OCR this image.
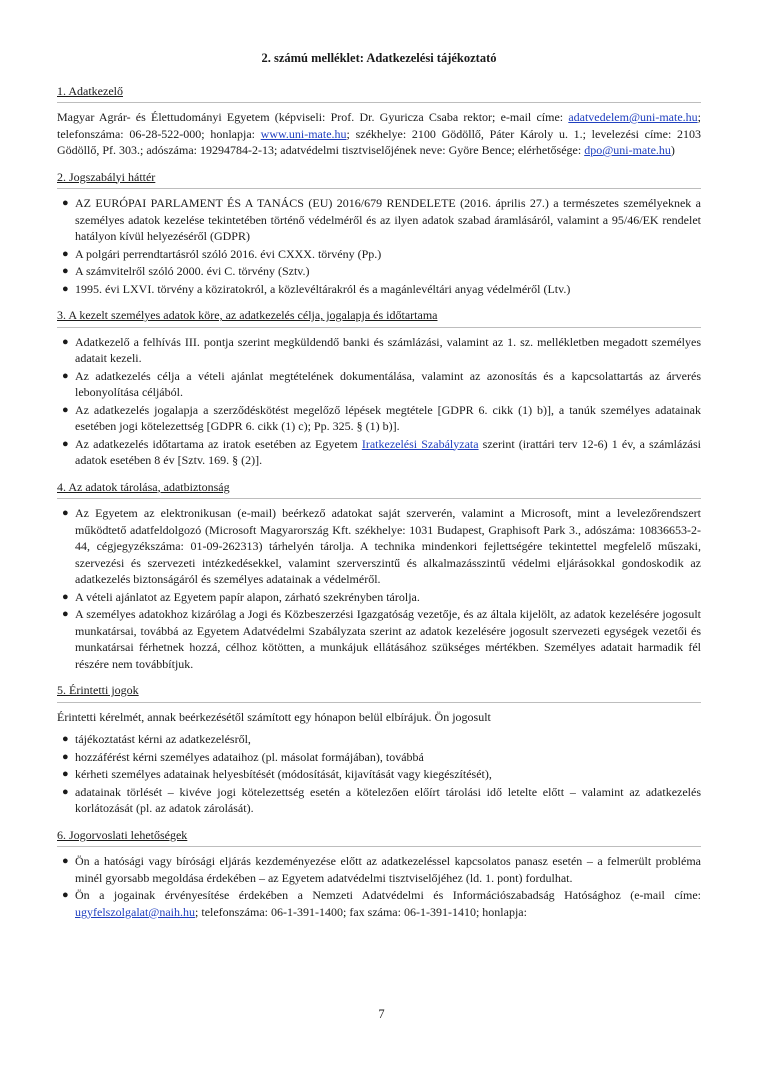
2. számú melléklet: Adatkezelési tájékoztató
1. Adatkezelő

Magyar Agrár- és Élettudományi Egyetem (képviseli: Prof. Dr. Gyuricza Csaba rektor; e-mail címe: adatvedelem@uni-mate.hu; telefonszáma: 06-28-522-000; honlapja: www.uni-mate.hu; székhelye: 2100 Gödöllő, Páter Károly u. 1.; levelezési címe: 2103 Gödöllő, Pf. 303.; adószáma: 19294784-2-13; adatvédelmi tisztviselőjének neve: Györe Bence; elérhetősége: dpo@uni-mate.hu)

2. Jogszabályi háttér
● AZ EURÓPAI PARLAMENT ÉS A TANÁCS (EU) 2016/679 RENDELETE (2016. április 27.) a természetes személyeknek a személyes adatok kezelése tekintetében történő védelméről és az ilyen adatok szabad áramlásáról, valamint a 95/46/EK rendelet hatályon kívül helyezéséről (GDPR)
● A polgári perrendtartásról szóló 2016. évi CXXX. törvény (Pp.)
● A számvitelről szóló 2000. évi C. törvény (Sztv.)
● 1995. évi LXVI. törvény a köziratokról, a közlevéltárakról és a magánlevéltári anyag védelméről (Ltv.)
3. A kezelt személyes adatok köre, az adatkezelés célja, jogalapja és időtartama
● Adatkezelő a felhívás III. pontja szerint megküldendő banki és számlázási, valamint az 1. sz. mellékletben megadott személyes adatait kezeli.
● Az adatkezelés célja a vételi ajánlat megtételének dokumentálása, valamint az azonosítás és a kapcsolattartás az árverés lebonyolítása céljából.
● Az adatkezelés jogalapja a szerződéskötést megelőző lépések megtétele [GDPR 6. cikk (1) b)], a tanúk személyes adatainak esetében jogi kötelezettség [GDPR 6. cikk (1) c); Pp. 325. § (1) b)].
● Az adatkezelés időtartama az iratok esetében az Egyetem Iratkezelési Szabályzata szerint (irattári terv 12-6) 1 év, a számlázási adatok esetében 8 év [Sztv. 169. § (2)].
4. Az adatok tárolása, adatbiztonság
● Az Egyetem az elektronikusan (e-mail) beérkező adatokat saját szerverén, valamint a Microsoft, mint a levelezőrendszert működtető adatfeldolgozó (Microsoft Magyarország Kft. székhelye: 1031 Budapest, Graphisoft Park 3., adószáma: 10836653-2-44, cégjegyzékszáma: 01-09-262313) tárhelyén tárolja. A technika mindenkori fejlettségére tekintettel megfelelő műszaki, szervezési és szervezeti intézkedésekkel, valamint szerverszintű és alkalmazásszintű védelmi eljárásokkal gondoskodik az adatkezelés biztonságáról és személyes adatainak a védelméről.
● A vételi ajánlatot az Egyetem papír alapon, zárható szekrényben tárolja.
● A személyes adatokhoz kizárólag a Jogi és Közbeszerzési Igazgatóság vezetője, és az általa kijelölt, az adatok kezelésére jogosult munkatársai, továbbá az Egyetem Adatvédelmi Szabályzata szerint az adatok kezelésére jogosult szervezeti egységek vezetői és munkatársai férhetnek hozzá, célhoz kötötten, a munkájuk ellátásához szükséges mértékben. Személyes adatait harmadik fél részére nem továbbítjuk.
5. Érintetti jogok

Érintetti kérelmét, annak beérkezésétől számított egy hónapon belül elbírájuk. Ön jogosult

● tájékoztatást kérni az adatkezelésről,
● hozzáférést kérni személyes adataihoz (pl. másolat formájában), továbbá
● kérheti személyes adatainak helyesbítését (módosítását, kijavítását vagy kiegészítését),
● adatainak törlését – kivéve jogi kötelezettség esetén a kötelezően előírt tárolási idő letelte előtt – valamint az adatkezelés korlátozását (pl. az adatok zárolását).
6. Jogorvoslati lehetőségek
● Ön a hatósági vagy bírósági eljárás kezdeményezése előtt az adatkezeléssel kapcsolatos panasz esetén – a felmerült probléma minél gyorsabb megoldása érdekében – az Egyetem adatvédelmi tisztviselőjéhez (ld. 1. pont) fordulhat.
● Ön a jogainak érvényesítése érdekében a Nemzeti Adatvédelmi és Információszabadság Hatósághoz (e-mail címe: ugyfelszolgalat@naih.hu; telefonszáma: 06-1-391-1400; fax száma: 06-1-391-1410; honlapja:
7
